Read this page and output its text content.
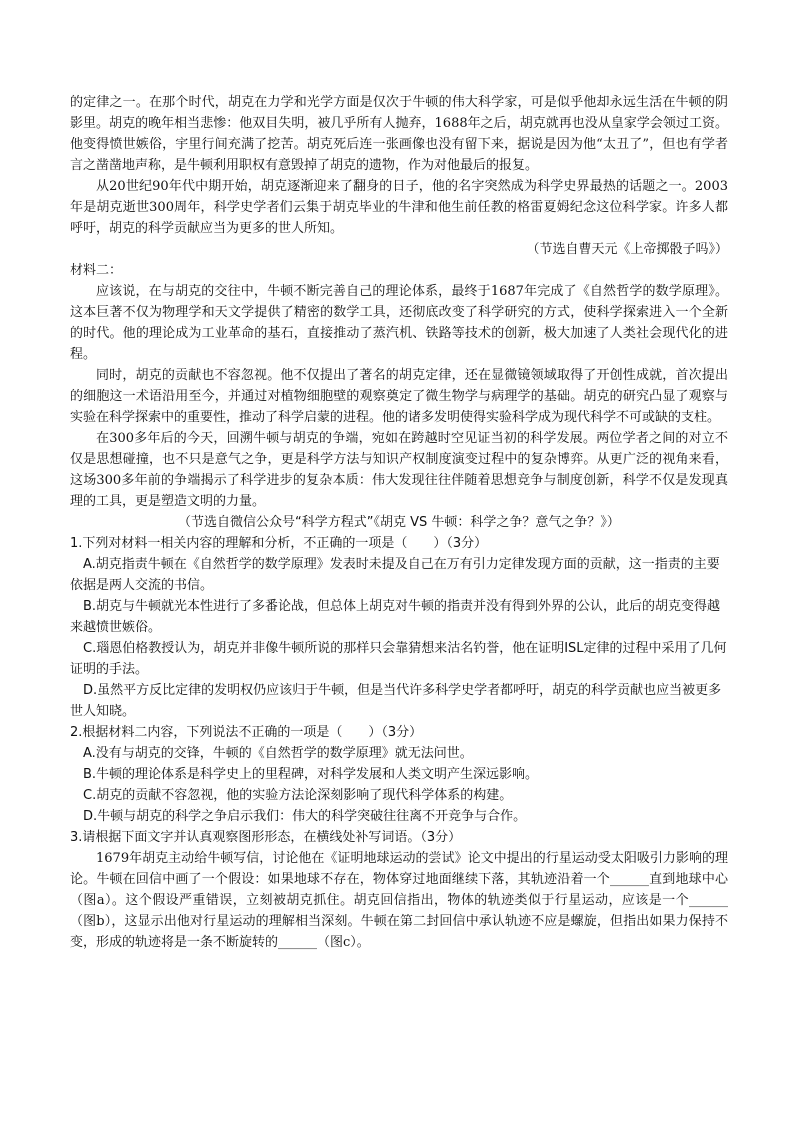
的定律之一。在那个时代，胡克在力学和光学方面是仅次于牛顿的伟大科学家，可是似乎他却永远生活在牛顿的阴影里。胡克的晚年相当悲惨：他双目失明，被几乎所有人抛弃，1688年之后，胡克就再也没从皇家学会领过工资。他变得愤世嫉俗，宇里行间充满了挖苦。胡克死后连一张画像也没有留下来，据说是因为他“太丑了”，但也有学者言之凿凿地声称，是牛顿利用职权有意毁掉了胡克的遗物，作为对他最后的报复。

从20世纪90年代中期开始，胡克逐渐迎来了翻身的日子，他的名字突然成为科学史界最热的话题之一。2003年是胡克逝世300周年，科学史学者们云集于胡克毕业的牛津和他生前任教的格雷夏姆纪念这位科学家。许多人都呼吁，胡克的科学贡献应当为更多的世人所知。

（节选自曹天元《上帝掷骰子吗》）

材料二：

应该说，在与胡克的交往中，牛顿不断完善自己的理论体系，最终于1687年完成了《自然哲学的数学原理》。这本巨著不仅为物理学和天文学提供了精密的数学工具，还彻底改变了科学研究的方式，使科学探索进入一个全新的时代。他的理论成为工业革命的基石，直接推动了蒸汽机、铁路等技术的创新，极大加速了人类社会现代化的进程。

同时，胡克的贡献也不容忽视。他不仅提出了著名的胡克定律，还在显微镜领域取得了开创性成就，首次提出的细胞这一术语沿用至今，并通过对植物细胞壁的观察奠定了微生物学与病理学的基础。胡克的研究凸显了观察与实验在科学探索中的重要性，推动了科学启蒙的进程。他的诸多发明使得实验科学成为现代科学不可或缺的支柱。

在300多年后的今天，回溯牛顿与胡克的争端，宛如在跨越时空见证当初的科学发展。两位学者之间的对立不仅是思想碰撞，也不只是意气之争，更是科学方法与知识产权制度演变过程中的复杂博弈。从更广泛的视角来看，这场300多年前的争端揭示了科学进步的复杂本质：伟大发现往往伴随着思想竞争与制度创新，科学不仅是发现真理的工具，更是塑造文明的力量。

（节选自微信公众号“科学方程式”《胡克 VS 牛顿：科学之争？意气之争？》）

1.下列对材料一相关内容的理解和分析，不正确的一项是（　　）（3分）

A.胡克指责牛顿在《自然哲学的数学原理》发表时未提及自己在万有引力定律发现方面的贡献，这一指责的主要依据是两人交流的书信。

B.胡克与牛顿就光本性进行了多番论战，但总体上胡克对牛顿的指责并没有得到外界的公认，此后的胡克变得越来越愤世嫉俗。

C.瑙恩伯格教授认为，胡克并非像牛顿所说的那样只会靠猜想来沽名钓誉，他在证明ISL定律的过程中采用了几何证明的手法。

D.虽然平方反比定律的发明权仍应该归于牛顿，但是当代许多科学史学者都呼吁，胡克的科学贡献也应当被更多世人知晓。

2.根据材料二内容，下列说法不正确的一项是（　　）（3分）

A.没有与胡克的交锋，牛顿的《自然哲学的数学原理》就无法问世。

B.牛顿的理论体系是科学史上的里程碑，对科学发展和人类文明产生深远影响。

C.胡克的贡献不容忽视，他的实验方法论深刻影响了现代科学体系的构建。

D.牛顿与胡克的科学之争启示我们：伟大的科学突破往往离不开竞争与合作。

3.请根据下面文字并认真观察图形形态，在横线处补写词语。（3分）

1679年胡克主动给牛顿写信，讨论他在《证明地球运动的尝试》论文中提出的行星运动受太阳吸引力影响的理论。牛顿在回信中画了一个假设：如果地球不存在，物体穿过地面继续下落，其轨迹沿着一个______直到地球中心（图a）。这个假设严重错误，立刻被胡克抓住。胡克回信指出，物体的轨迹类似于行星运动，应该是一个______（图b），这显示出他对行星运动的理解相当深刻。牛顿在第二封回信中承认轨迹不应是螺旋，但指出如果力保持不变，形成的轨迹将是一条不断旋转的______（图c）。
